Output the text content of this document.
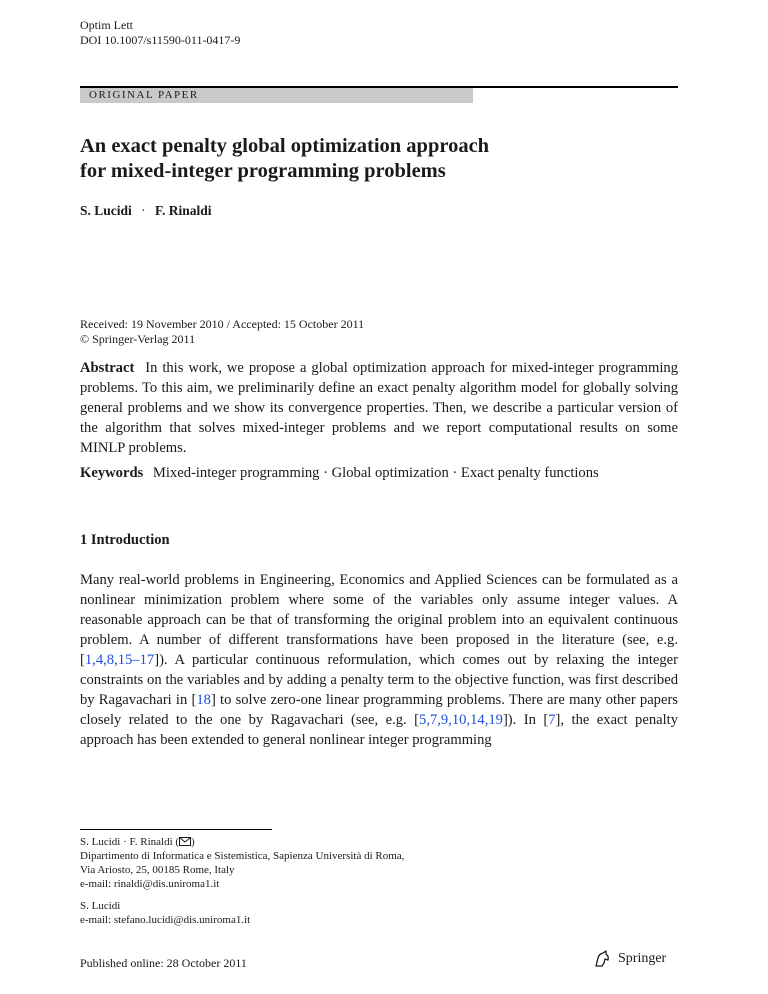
Optim Lett
DOI 10.1007/s11590-011-0417-9
ORIGINAL PAPER
An exact penalty global optimization approach
for mixed-integer programming problems
S. Lucidi · F. Rinaldi
Received: 19 November 2010 / Accepted: 15 October 2011
© Springer-Verlag 2011
Abstract In this work, we propose a global optimization approach for mixed-integer programming problems. To this aim, we preliminarily define an exact penalty algorithm model for globally solving general problems and we show its convergence properties. Then, we describe a particular version of the algorithm that solves mixed-integer problems and we report computational results on some MINLP problems.
Keywords Mixed-integer programming · Global optimization · Exact penalty functions
1 Introduction
Many real-world problems in Engineering, Economics and Applied Sciences can be formulated as a nonlinear minimization problem where some of the variables only assume integer values. A reasonable approach can be that of transforming the original problem into an equivalent continuous problem. A number of different transformations have been proposed in the literature (see, e.g. [1,4,8,15–17]). A particular continuous reformulation, which comes out by relaxing the integer constraints on the variables and by adding a penalty term to the objective function, was first described by Ragavachari in [18] to solve zero-one linear programming problems. There are many other papers closely related to the one by Ragavachari (see, e.g. [5,7,9,10,14,19]). In [7], the exact penalty approach has been extended to general nonlinear integer programming
S. Lucidi · F. Rinaldi ( )
Dipartimento di Informatica e Sistemistica, Sapienza Università di Roma,
Via Ariosto, 25, 00185 Rome, Italy
e-mail: rinaldi@dis.uniroma1.it
S. Lucidi
e-mail: stefano.lucidi@dis.uniroma1.it
Published online: 28 October 2011	Springer
